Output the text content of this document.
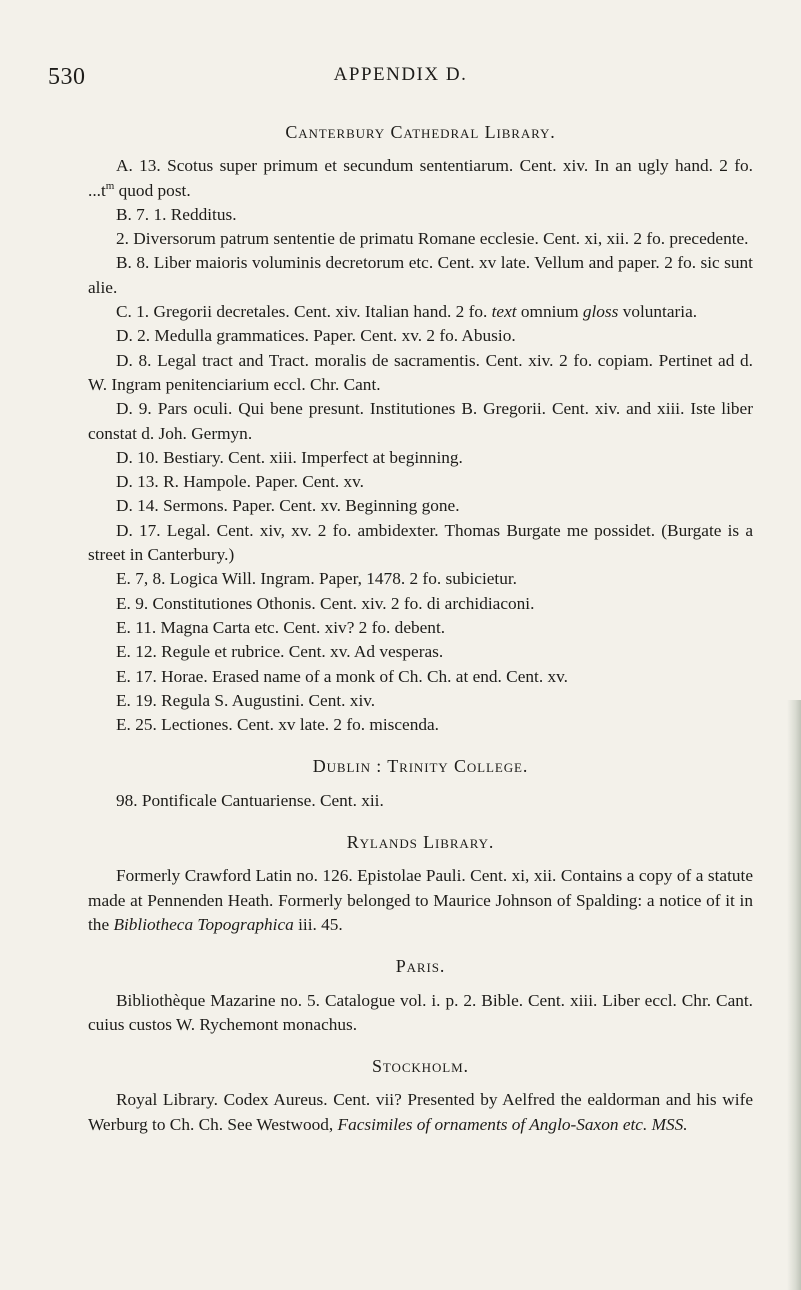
530	APPENDIX D.

Canterbury Cathedral Library.

A. 13. Scotus super primum et secundum sententiarum. Cent. xiv. In an ugly hand. 2 fo. $...t^m$ quod post.

B. 7. 1. Redditus.

2. Diversorum patrum sententie de primatu Romane ecclesie. Cent. xi, xii. 2 fo. precedente.

B. 8. Liber maioris voluminis decretorum etc. Cent. xv late. Vellum and paper. 2 fo. sic sunt alie.

C. 1. Gregorii decretales. Cent. xiv. Italian hand. 2 fo. text omnium gloss voluntaria.

D. 2. Medulla grammatices. Paper. Cent. xv. 2 fo. Abusio.

D. 8. Legal tract and Tract. moralis de sacramentis. Cent. xiv. 2 fo. copiam. Pertinet ad d. W. Ingram penitenciarium eccl. Chr. Cant.

D. 9. Pars oculi. Qui bene presunt. Institutiones B. Gregorii. Cent. xiv. and xiii. Iste liber constat d. Joh. Germyn.

D. 10. Bestiary. Cent. xiii. Imperfect at beginning.

D. 13. R. Hampole. Paper. Cent. xv.

D. 14. Sermons. Paper. Cent. xv. Beginning gone.

D. 17. Legal. Cent. xiv, xv. 2 fo. ambidexter. Thomas Burgate me possidet. (Burgate is a street in Canterbury.)

E. 7, 8. Logica Will. Ingram. Paper, 1478. 2 fo. subicietur.

E. 9. Constitutiones Othonis. Cent. xiv. 2 fo. di archidiaconi.

E. 11. Magna Carta etc. Cent. xiv? 2 fo. debent.

E. 12. Regule et rubrice. Cent. xv. Ad vesperas.

E. 17. Horae. Erased name of a monk of Ch. Ch. at end. Cent. xv.

E. 19. Regula S. Augustini. Cent. xiv.

E. 25. Lectiones. Cent. xv late. 2 fo. miscenda.

Dublin : Trinity College.

98. Pontificale Cantuariense. Cent. xii.

Rylands Library.

Formerly Crawford Latin no. 126. Epistolae Pauli. Cent. xi, xii. Contains a copy of a statute made at Pennenden Heath. Formerly belonged to Maurice Johnson of Spalding: a notice of it in the Bibliotheca Topographica iii. 45.

Paris.

Bibliothèque Mazarine no. 5. Catalogue vol. i. p. 2. Bible. Cent. xiii. Liber eccl. Chr. Cant. cuius custos W. Rychemont monachus.

Stockholm.

Royal Library. Codex Aureus. Cent. vii? Presented by Aelfred the ealdorman and his wife Werburg to Ch. Ch. See Westwood, Facsimiles of ornaments of Anglo-Saxon etc. MSS.
